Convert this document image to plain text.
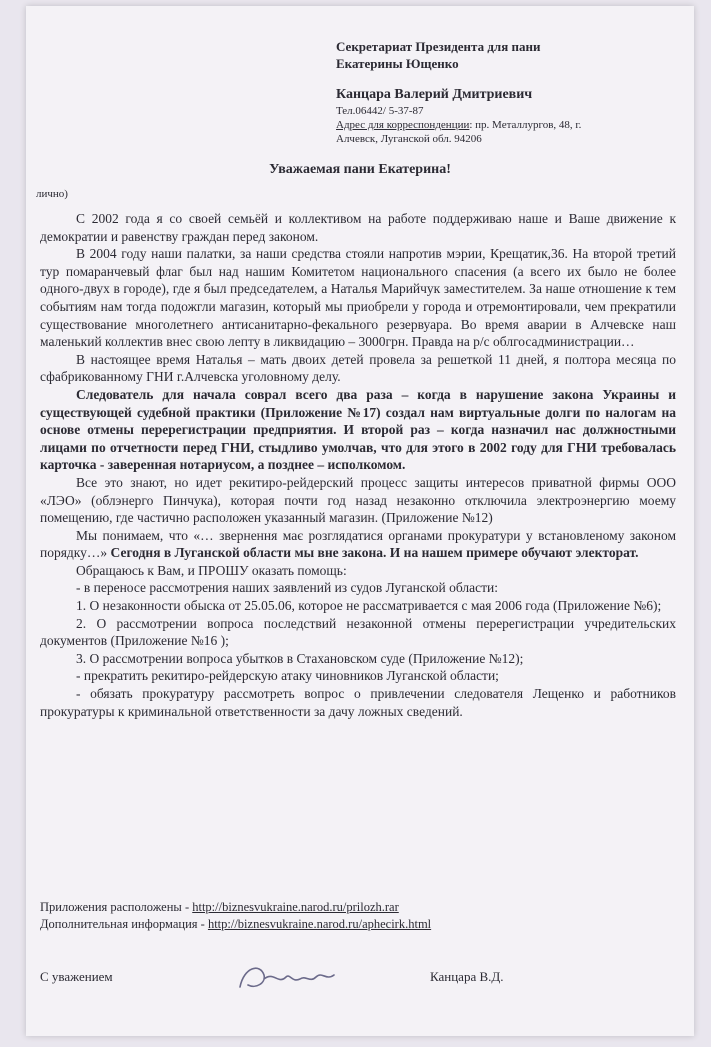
Секретариат Президента для пани
Екатерины Ющенко
Канцара Валерий Дмитриевич
Тел.06442/ 5-37-87
Адрес для корреспонденции: пр. Металлургов, 48, г.
Алчевск, Луганской обл. 94206
Уважаемая пани Екатерина!
лично)

С 2002 года я со своей семьёй и коллективом на работе поддерживаю наше и Ваше движение к демократии и равенству граждан перед законом.

В 2004 году наши палатки, за наши средства стояли напротив мэрии, Крещатик,36. На второй третий тур помаранчевый флаг был над нашим Комитетом национального спасения (а всего их было не более одного-двух в городе), где я был председателем, а Наталья Марийчук заместителем. За наше отношение к тем событиям нам тогда подожгли магазин, который мы приобрели у города и отремонтировали, чем прекратили существование многолетнего антисанитарно-фекального резервуара. Во время аварии в Алчевске наш маленький коллектив внес свою лепту в ликвидацию – 3000грн. Правда на р/с облгосадминистрации…

В настоящее время Наталья – мать двоих детей провела за решеткой 11 дней, я полтора месяца по сфабрикованному ГНИ г.Алчевска уголовному делу.

Следователь для начала соврал всего два раза – когда в нарушение закона Украины и существующей судебной практики (Приложение №17) создал нам виртуальные долги по налогам на основе отмены перерегистрации предприятия. И второй раз – когда назначил нас должностными лицами по отчетности перед ГНИ, стыдливо умолчав, что для этого в 2002 году для ГНИ требовалась карточка - заверенная нотариусом, а позднее – исполкомом.

Все это знают, но идет рекитиро-рейдерский процесс защиты интересов приватной фирмы ООО «ЛЭО» (облэнерго Пинчука), которая почти год назад незаконно отключила электроэнергию моему помещению, где частично расположен указанный магазин. (Приложение №12)

Мы понимаем, что «… звернення має розглядатися органами прокуратури у встановленому законом порядку…» Сегодня в Луганской области мы вне закона. И на нашем примере обучают электорат.

Обращаюсь к Вам, и ПРОШУ оказать помощь:

- в переносе рассмотрения наших заявлений из судов Луганской области:

1. О незаконности обыска от 25.05.06, которое не рассматривается с мая 2006 года (Приложение №6);

2. О рассмотрении вопроса последствий незаконной отмены перерегистрации учредительских документов (Приложение №16 );

3. О рассмотрении вопроса убытков в Стахановском суде (Приложение №12);

- прекратить рекитиро-рейдерскую атаку чиновников Луганской области;

- обязать прокуратуру рассмотреть вопрос о привлечении следователя Лещенко и работников прокуратуры к криминальной ответственности за дачу ложных сведений.

Приложения расположены - http://biznesvukraine.narod.ru/prilozh.rar
Дополнительная информация - http://biznesvukraine.narod.ru/aphecirk.html
С уважением	Канцара В.Д.
